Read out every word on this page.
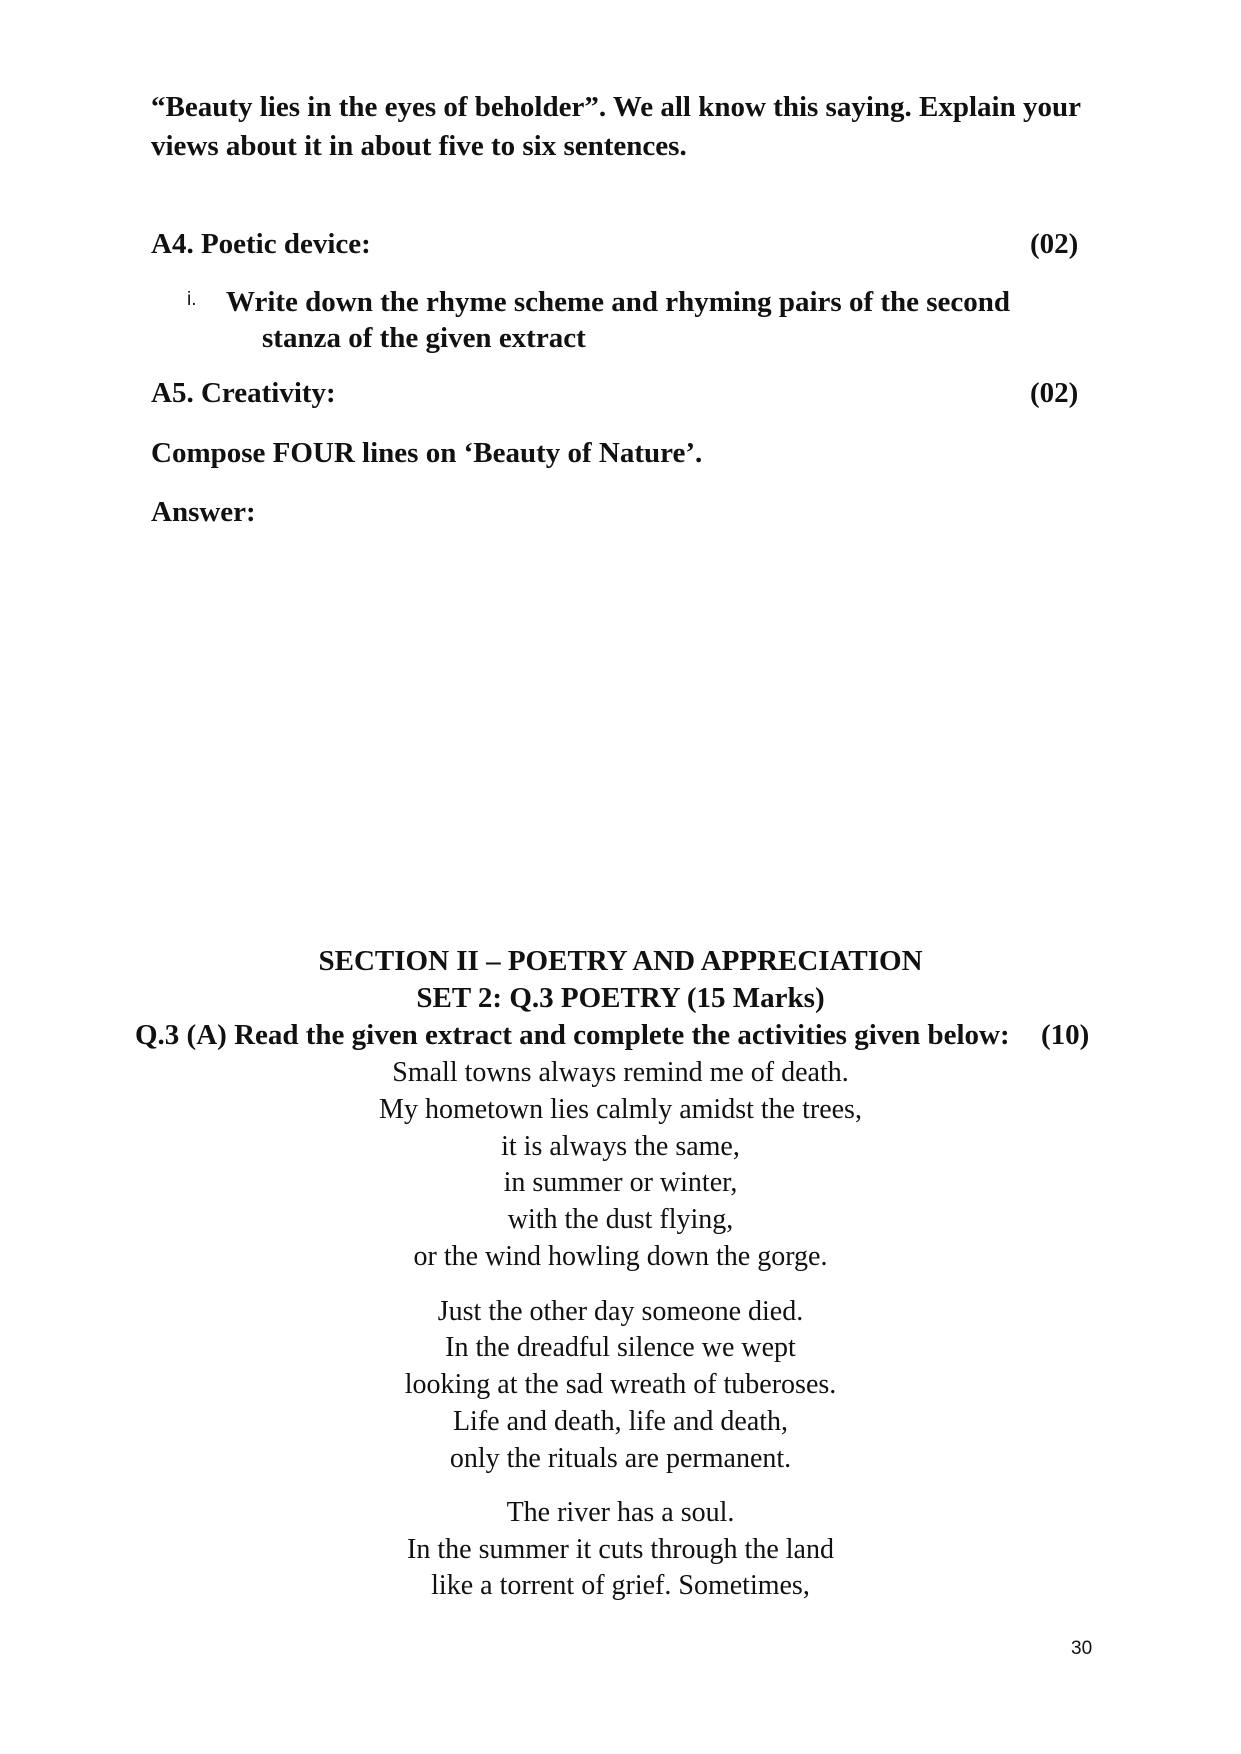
“Beauty lies in the eyes of beholder”. We all know this saying. Explain your
views about it in about five to six sentences.
A4. Poetic device:	(02)
i. Write down the rhyme scheme and rhyming pairs of the second
stanza of the given extract
A5. Creativity:	(02)
Compose FOUR lines on ‘Beauty of Nature’.
Answer:
SECTION II – POETRY AND APPRECIATION
SET 2: Q.3 POETRY (15 Marks)
Q.3 (A) Read the given extract and complete the activities given below: (10)
Small towns always remind me of death.
My hometown lies calmly amidst the trees,
it is always the same,
in summer or winter,
with the dust flying,
or the wind howling down the gorge.
Just the other day someone died.
In the dreadful silence we wept
looking at the sad wreath of tuberoses.
Life and death, life and death,
only the rituals are permanent.
The river has a soul.
In the summer it cuts through the land
like a torrent of grief. Sometimes,
30
